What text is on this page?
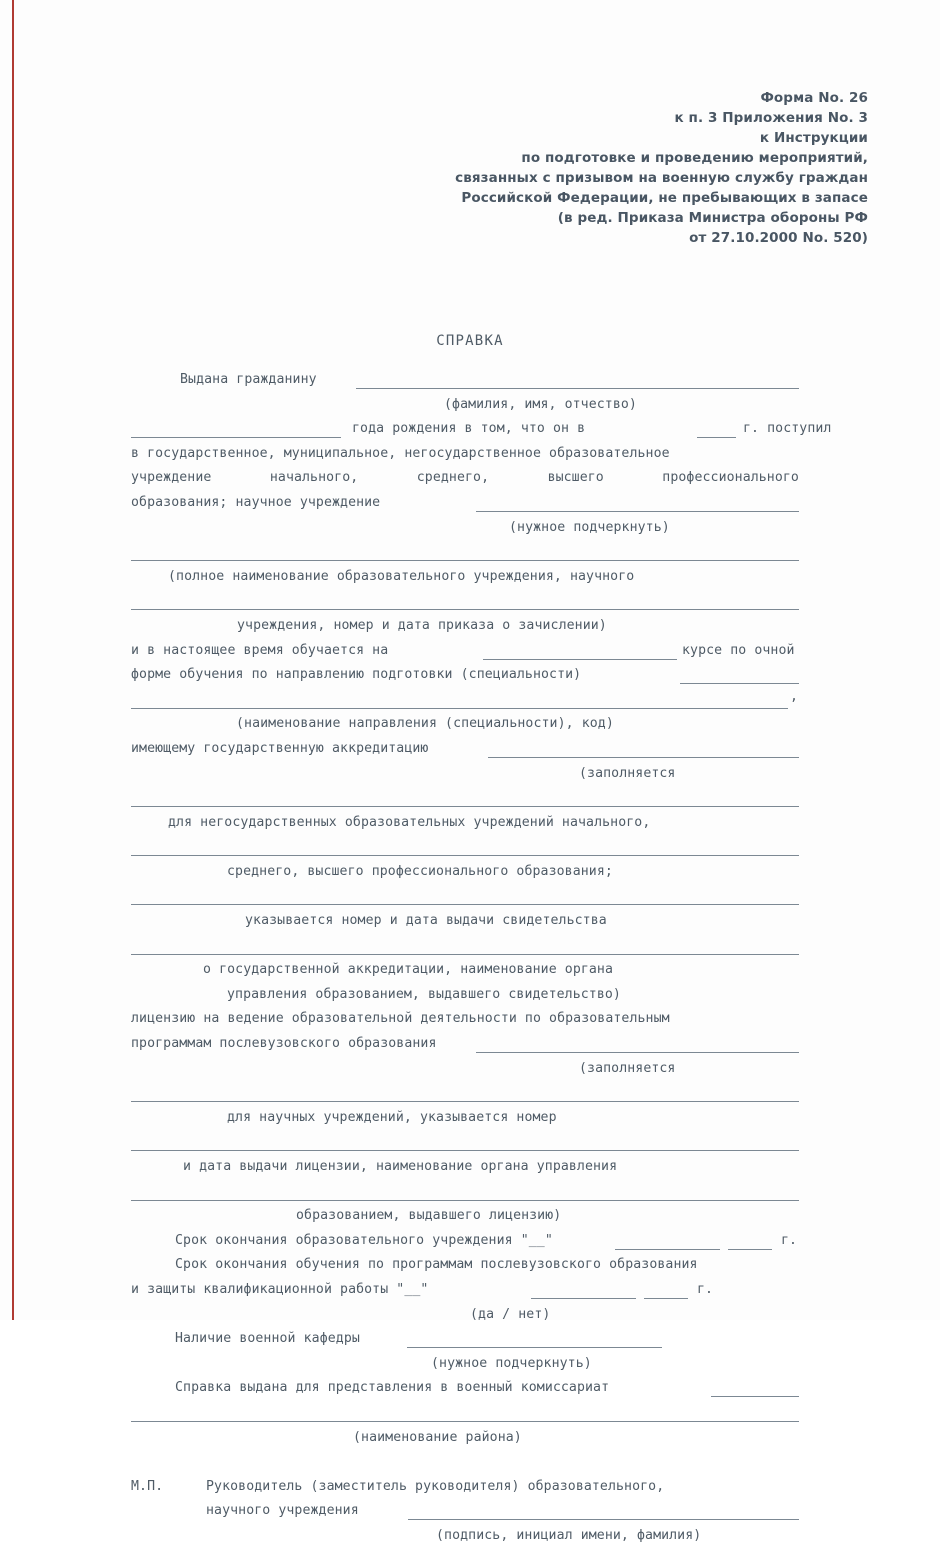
Форма No. 26
к п. 3 Приложения No. 3
к Инструкции
по подготовке и проведению мероприятий,
связанных с призывом на военную службу граждан
Российской Федерации, не пребывающих в запасе
(в ред. Приказа Министра обороны РФ
от 27.10.2000 No. 520)
СПРАВКА
Выдана гражданину
(фамилия, имя, отчество)
года рождения в том, что он в	г. поступил
в государственное, муниципальное, негосударственное образовательное
учреждение	начального,	среднего,	высшего	профессионального
образования; научное учреждение
(нужное подчеркнуть)
(полное наименование образовательного учреждения, научного
учреждения, номер и дата приказа о зачислении)
и в настоящее время обучается на	курсе по очной
форме обучения по направлению подготовки (специальности)
,
(наименование направления (специальности), код)
имеющему государственную аккредитацию
(заполняется
для негосударственных образовательных учреждений начального,
среднего, высшего профессионального образования;
указывается номер и дата выдачи свидетельства
о государственной аккредитации, наименование органа
управления образованием, выдавшего свидетельство)
лицензию на ведение образовательной деятельности по образовательным
программам послевузовского образования
(заполняется
для научных учреждений, указывается номер
и дата выдачи лицензии, наименование органа управления
образованием, выдавшего лицензию)
Срок окончания образовательного учреждения "__"	г.
Срок окончания обучения по программам послевузовского образования
и защиты квалификационной работы "__"	г.
(да / нет)
Наличие военной кафедры
(нужное подчеркнуть)
Справка выдана для представления в военный комиссариат
(наименование района)
М.П.	Руководитель (заместитель руководителя) образовательного,
научного учреждения
(подпись, инициал имени, фамилия)
